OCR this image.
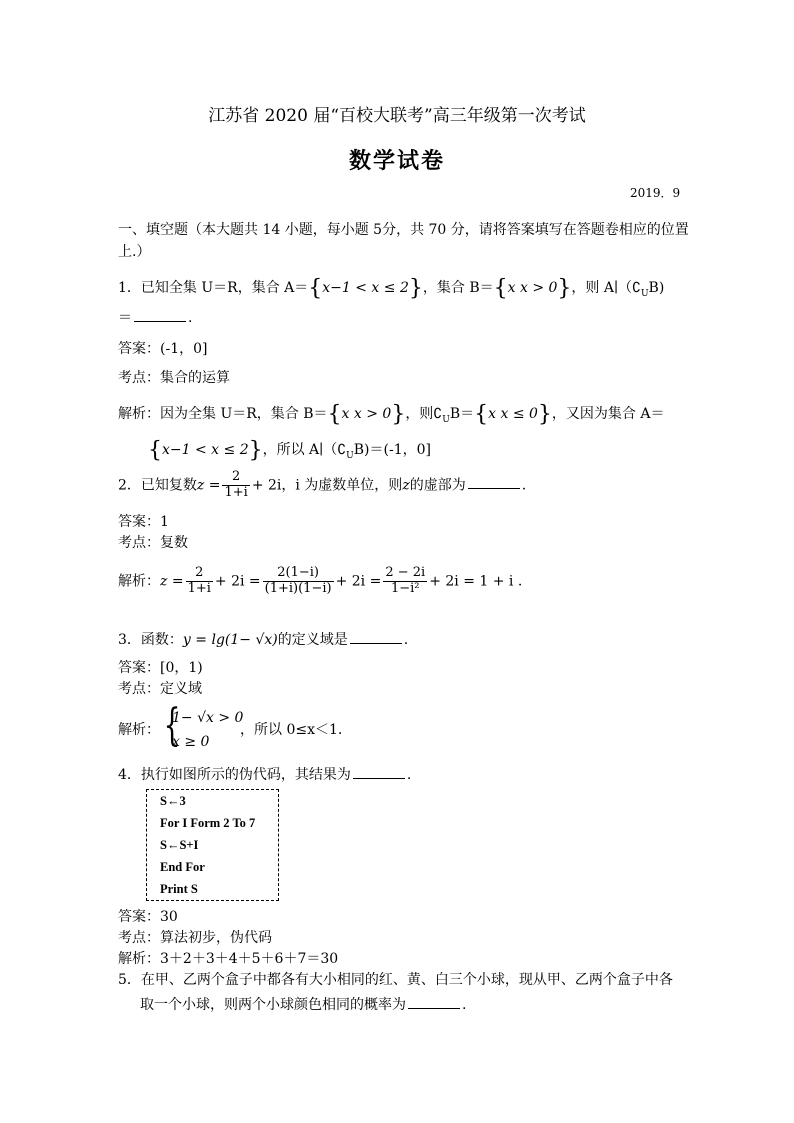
江苏省 2020 届“百校大联考”高三年级第一次考试
数学试卷
2019．9
一、填空题（本大题共 14 小题，每小题 5分，共 70 分，请将答案填写在答题卷相应的位置
上.）
1．已知全集 U＝R，集合 A＝{x−1 < x ≤ 2}，集合 B＝{x x > 0}，则 $A∣(∁_UB)$
＝	.
答案：(-1，0]
考点：集合的运算
解析：因为全集 U＝R，集合 B＝{x x > 0}，则$∁_UB=\{x$ x ≤ 0}，又因为集合 A＝
{x−1 < x ≤ 2}，所以 $A∣(∁_UB)=(-1$，0]
2．已知复数$z = \frac{2}{1+i} + 2i$，i 为虚数单位，则z的虚部为	.
答案：1
考点：复数
解析：$z = \frac{2}{1+i} + 2i = \frac{2(1-i)}{(1+i)(1-i)} + 2i = \frac{2 - 2i}{\text{1−i²}} + 2i = 1 + i$ .
3．函数：y = lg(1− √x)的定义域是	.
答案：[0，1)
考点：定义域
解析： {
1− √x > 0
x ≥ 0
，所以 0≤x＜1.
4．执行如图所示的伪代码，其结果为	.
S←3
For I Form 2 To 7
S←S+I
End For
Print S
答案：30
考点：算法初步，伪代码
解析：3＋2＋3＋4＋5＋6＋7＝30
5．在甲、乙两个盒子中都各有大小相同的红、黄、白三个小球，现从甲、乙两个盒子中各
取一个小球，则两个小球颜色相同的概率为	.
